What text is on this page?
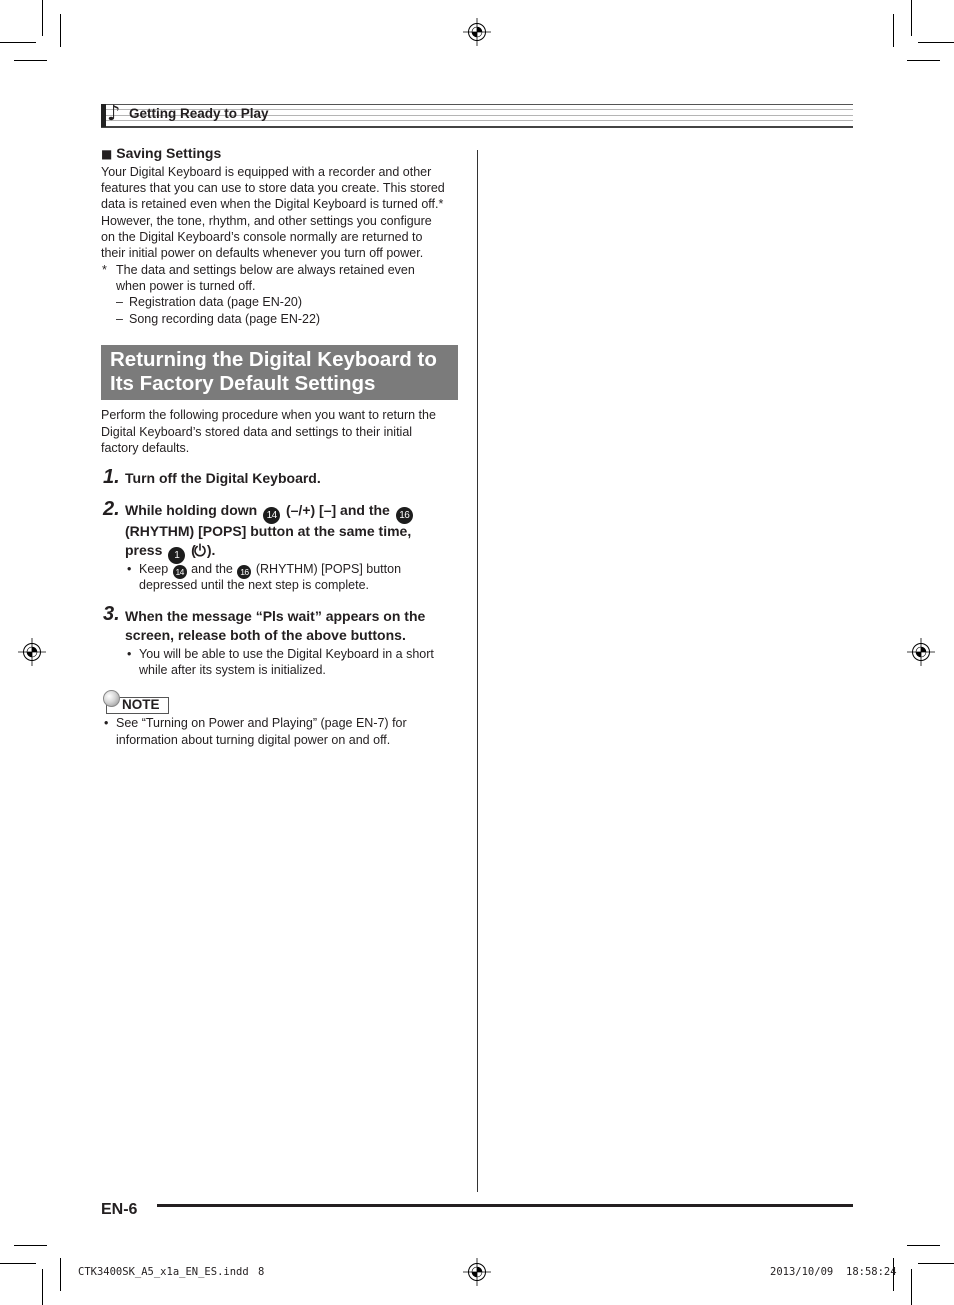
♪ Getting Ready to Play
■ Saving Settings
Your Digital Keyboard is equipped with a recorder and other
features that you can use to store data you create. This stored
data is retained even when the Digital Keyboard is turned off.*
However, the tone, rhythm, and other settings you configure
on the Digital Keyboard’s console normally are returned to
their initial power on defaults whenever you turn off power.
* The data and settings below are always retained even
when power is turned off.
– Registration data (page EN-20)
– Song recording data (page EN-22)
Returning the Digital Keyboard to
Its Factory Default Settings
Perform the following procedure when you want to return the
Digital Keyboard’s stored data and settings to their initial
factory defaults.
1. Turn off the Digital Keyboard.
2. While holding down 14 (–/+) [–] and the 16
(RHYTHM) [POPS] button at the same time,
press 1 ( ).
• Keep 14 and the 16 (RHYTHM) [POPS] button
depressed until the next step is complete.
3. When the message “Pls wait” appears on the
screen, release both of the above buttons.
• You will be able to use the Digital Keyboard in a short
while after its system is initialized.
NOTE
• See “Turning on Power and Playing” (page EN-7) for
information about turning digital power on and off.
EN-6
CTK3400SK_A5_x1a_EN_ES.indd 8	2013/10/09 18:58:24
